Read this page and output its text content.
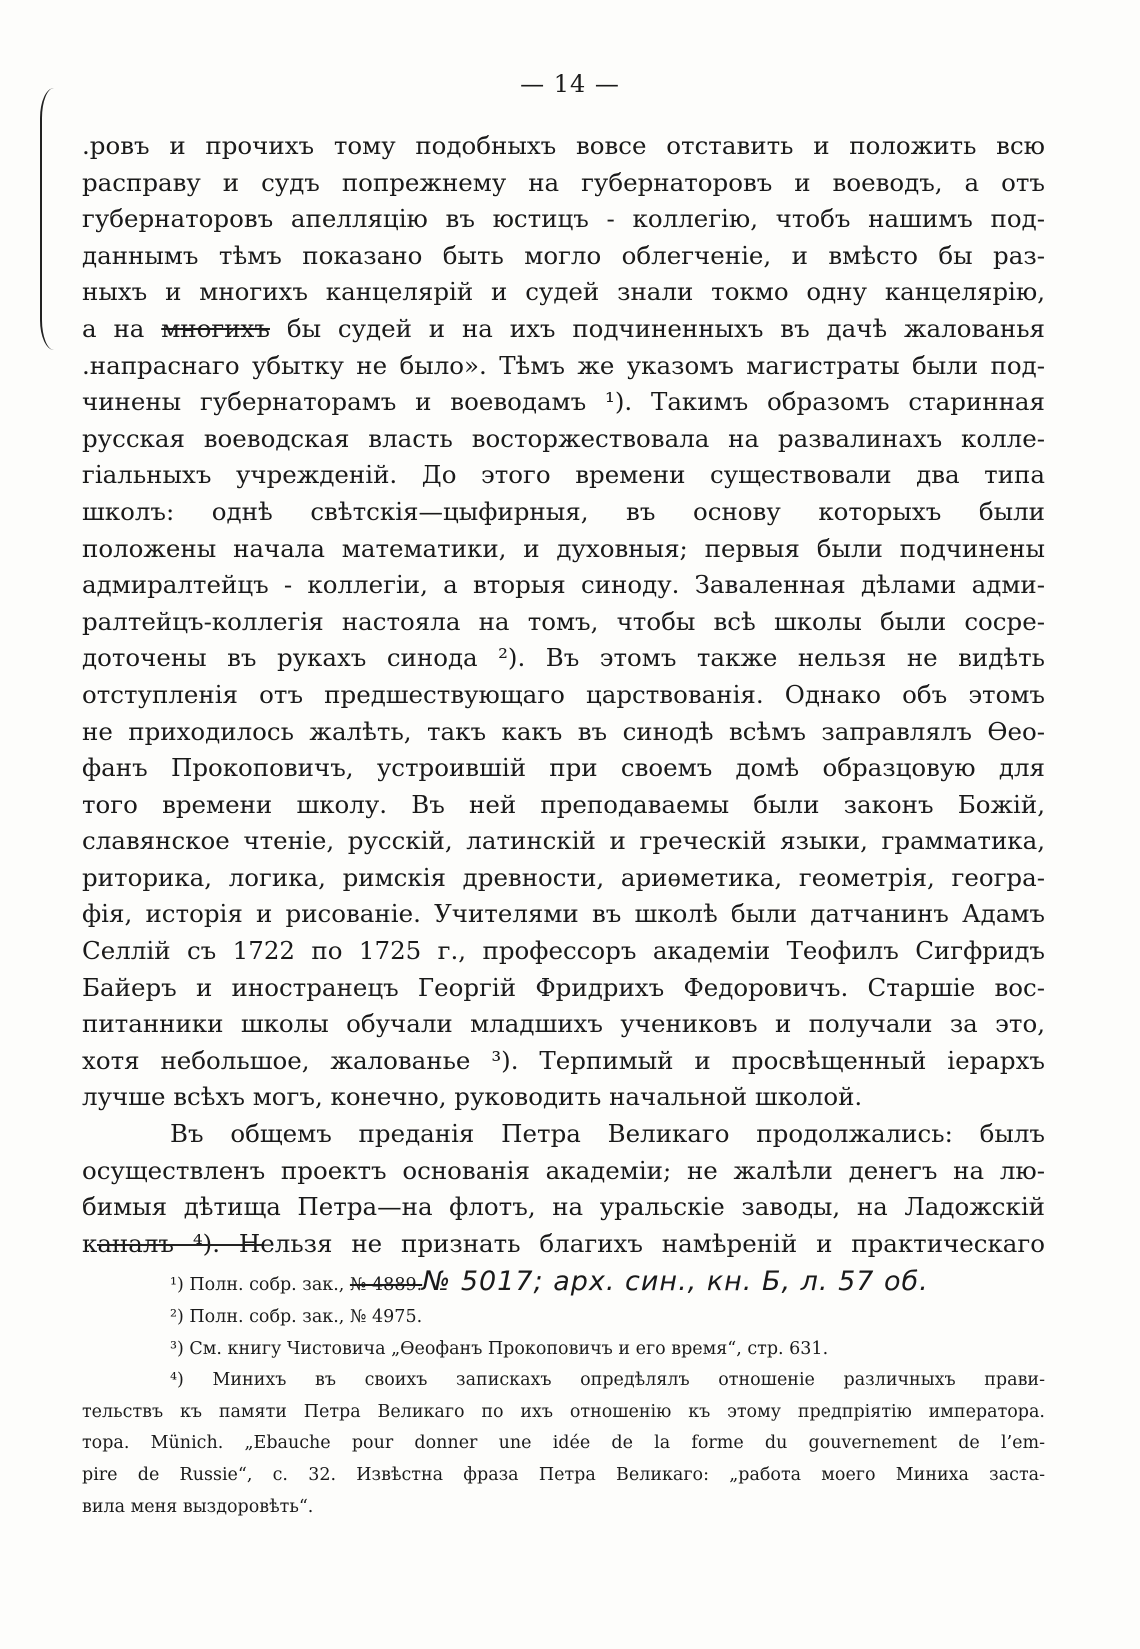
— 14 —
.ровъ и прочихъ тому подобныхъ вовсе отставить и положить всю
расправу и судъ попрежнему на губернаторовъ и воеводъ, а отъ
губернаторовъ апелляцію въ юстицъ - коллегію, чтобъ нашимъ под-
даннымъ тѣмъ показано быть могло облегченіе, и вмѣсто бы раз-
ныхъ и многихъ канцелярій и судей знали токмо одну канцелярію,
а на многихъ
бы судей и на ихъ подчиненныхъ въ дачѣ жалованья
.напраснаго убытку не было». Тѣмъ же указомъ магистраты были под-
чинены губернаторамъ и воеводамъ ¹). Такимъ образомъ старинная
русская воеводская власть восторжествовала на развалинахъ колле-
гіальныхъ учрежденій. До этого времени существовали два типа
школъ: однѣ свѣтскія—цыфирныя, въ основу которыхъ были
положены начала математики, и духовныя; первыя были подчинены
адмиралтейцъ - коллегіи, а вторыя синоду. Заваленная дѣлами адми-
ралтейцъ-коллегія настояла на томъ, чтобы всѣ школы были сосре-
доточены въ рукахъ синода ²). Въ этомъ также нельзя не видѣть
отступленія отъ предшествующаго царствованія. Однако объ этомъ
не приходилось жалѣть, такъ какъ въ синодѣ всѣмъ заправлялъ Ѳео-
фанъ Прокоповичъ, устроившій при своемъ домѣ образцовую для
того времени школу. Въ ней преподаваемы были законъ Божій,
славянское чтеніе, русскій, латинскій и греческій языки, грамматика,
риторика, логика, римскія древности, ариѳметика, геометрія, геогра-
фія, исторія и рисованіе. Учителями въ школѣ были датчанинъ Адамъ
Селлій съ 1722 по 1725 г., профессоръ академіи Теофилъ Сигфридъ
Байеръ и иностранецъ Георгій Фридрихъ Федоровичъ. Старшіе вос-
питанники школы обучали младшихъ учениковъ и получали за это,
хотя небольшое, жалованье ³). Терпимый и просвѣщенный іерархъ
лучше всѣхъ могъ, конечно, руководить начальной школой.
Въ общемъ преданія Петра Великаго продолжались: былъ
осуществленъ проектъ основанія академіи; не жалѣли денегъ на лю-
бимыя дѣтища Петра—на флотъ, на уральскіе заводы, на Ладожскій
каналъ ⁴). Нельзя не признать благихъ намѣреній и практическаго
¹) Полн. собр. зак., № 4889.№ 5017; арх. син., кн. Б, л. 57 об.
²) Полн. собр. зак., № 4975.
³) См. книгу Чистовича „Ѳеофанъ Прокоповичъ и его время“, стр. 631.
⁴) Минихъ въ своихъ запискахъ опредѣлялъ отношеніе различныхъ прави-
тельствъ къ памяти Петра Великаго по ихъ отношенію къ этому предпріятію императора.
тора. Münich. „Ebauche pour donner une idée de la forme du gouvernement de l’em-
pire de Russie“, с. 32. Извѣстна фраза Петра Великаго: „работа моего Миниха заста-
вила меня выздоровѣть“.
